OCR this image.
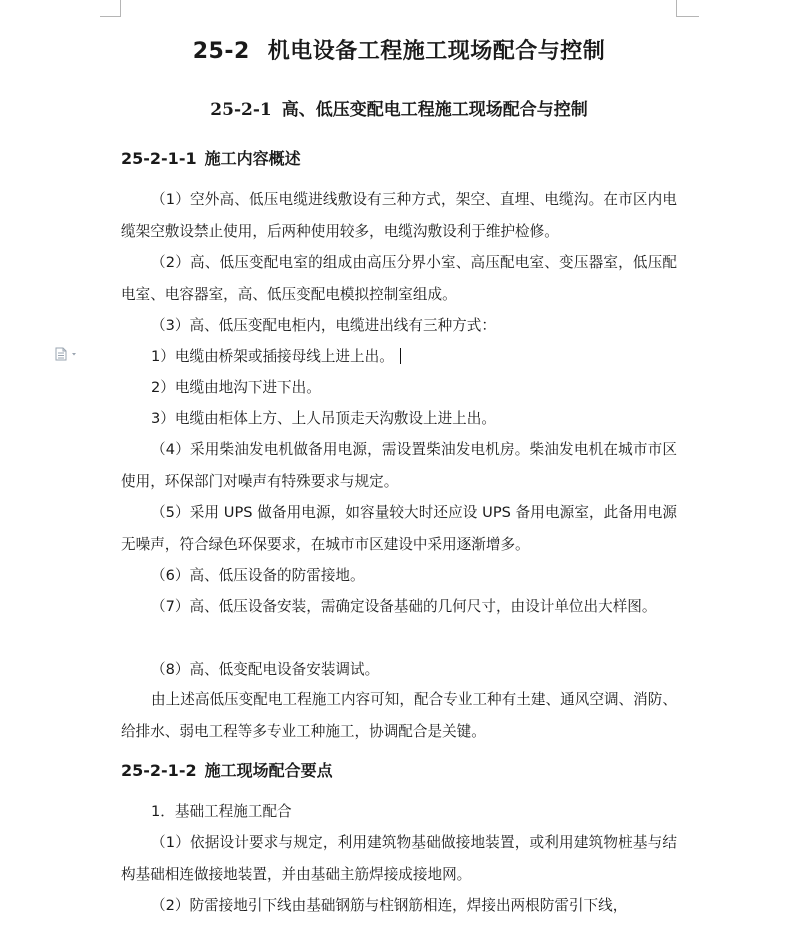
25-2 机电设备工程施工现场配合与控制
25-2-1 高、低压变配电工程施工现场配合与控制
25-2-1-1 施工内容概述
（1）空外高、低压电缆进线敷设有三种方式，架空、直埋、电缆沟。在市区内电缆架空敷设禁止使用，后两种使用较多，电缆沟敷设利于维护检修。
（2）高、低压变配电室的组成由高压分界小室、高压配电室、变压器室，低压配电室、电容器室，高、低压变配电模拟控制室组成。
（3）高、低压变配电柜内，电缆进出线有三种方式：
1）电缆由桥架或插接母线上进上出。
2）电缆由地沟下进下出。
3）电缆由柜体上方、上人吊顶走天沟敷设上进上出。
（4）采用柴油发电机做备用电源，需设置柴油发电机房。柴油发电机在城市市区使用，环保部门对噪声有特殊要求与规定。
（5）采用 UPS 做备用电源，如容量较大时还应设 UPS 备用电源室，此备用电源无噪声，符合绿色环保要求，在城市市区建设中采用逐渐增多。
（6）高、低压设备的防雷接地。
（7）高、低压设备安装，需确定设备基础的几何尺寸，由设计单位出大样图。
（8）高、低变配电设备安装调试。
由上述高低压变配电工程施工内容可知，配合专业工种有土建、通风空调、消防、给排水、弱电工程等多专业工种施工，协调配合是关键。
25-2-1-2 施工现场配合要点
1．基础工程施工配合
（1）依据设计要求与规定，利用建筑物基础做接地装置，或利用建筑物桩基与结构基础相连做接地装置，并由基础主筋焊接成接地网。
（2）防雷接地引下线由基础钢筋与柱钢筋相连，焊接出两根防雷引下线，
